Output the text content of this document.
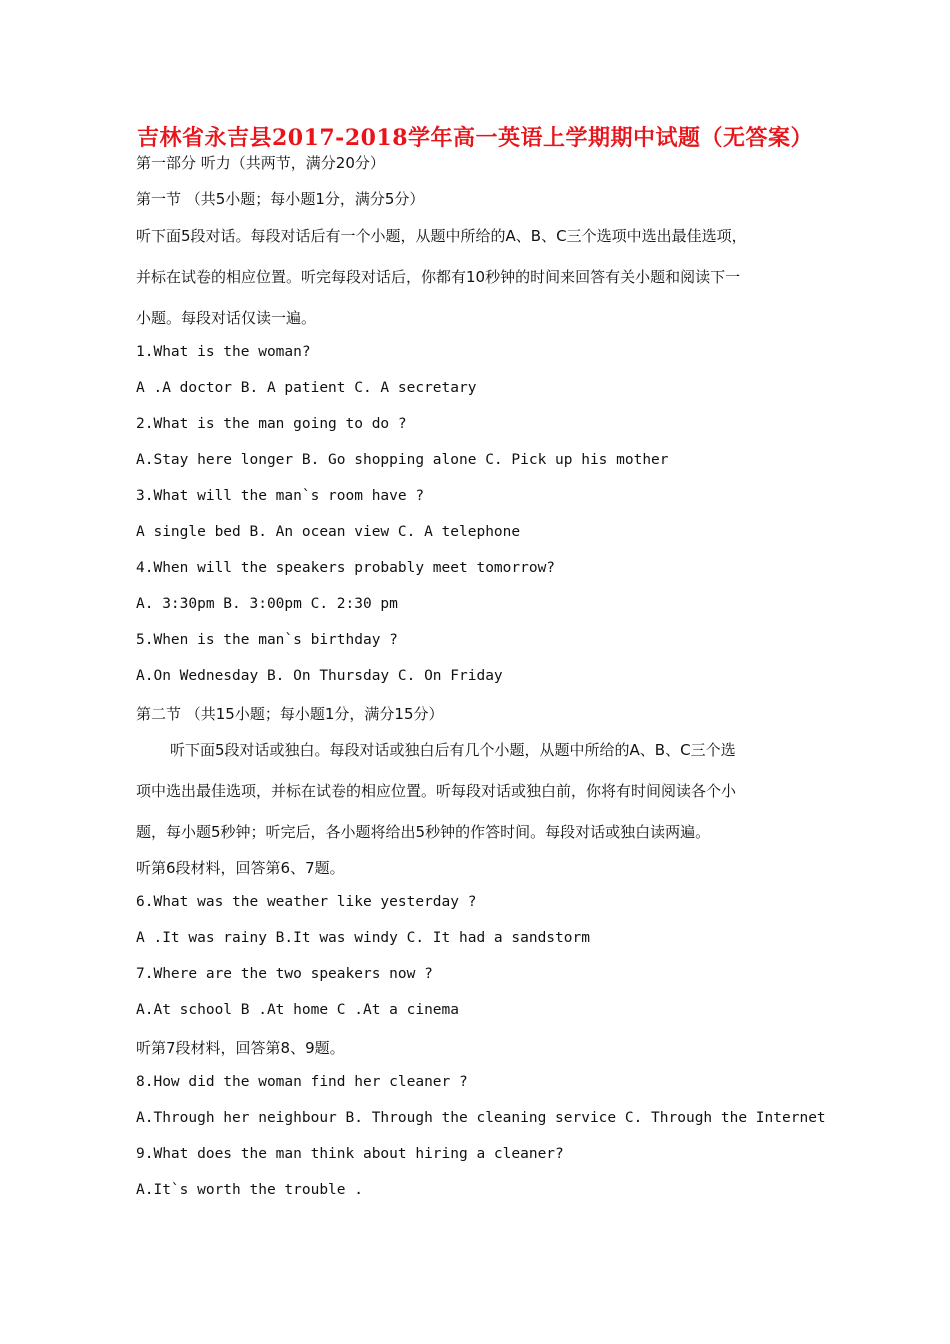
吉林省永吉县2017-2018学年高一英语上学期期中试题（无答案）
第一部分 听力（共两节，满分20分）
第一节 （共5小题；每小题1分，满分5分）
听下面5段对话。每段对话后有一个小题，从题中所给的A、B、C三个选项中选出最佳选项，
并标在试卷的相应位置。听完每段对话后，你都有10秒钟的时间来回答有关小题和阅读下一
小题。每段对话仅读一遍。
1.What is the woman?
A .A doctor B. A patient C. A secretary
2.What is the man going to do ?
A.Stay here longer B. Go shopping alone C. Pick up his mother
3.What will the man`s room have ?
A single bed B. An ocean view C. A telephone
4.When will the speakers probably meet tomorrow?
A. 3:30pm B. 3:00pm C. 2:30 pm
5.When is the man`s birthday ?
A.On Wednesday B. On Thursday C. On Friday
第二节 （共15小题；每小题1分，满分15分）
听下面5段对话或独白。每段对话或独白后有几个小题，从题中所给的A、B、C三个选
项中选出最佳选项，并标在试卷的相应位置。听每段对话或独白前，你将有时间阅读各个小
题，每小题5秒钟；听完后，各小题将给出5秒钟的作答时间。每段对话或独白读两遍。
听第6段材料，回答第6、7题。
6.What was the weather like yesterday ?
A .It was rainy B.It was windy C. It had a sandstorm
7.Where are the two speakers now ?
A.At school B .At home C .At a cinema
听第7段材料，回答第8、9题。
8.How did the woman find her cleaner ?
A.Through her neighbour B. Through the cleaning service C. Through the Internet
9.What does the man think about hiring a cleaner?
A.It`s worth the trouble .
